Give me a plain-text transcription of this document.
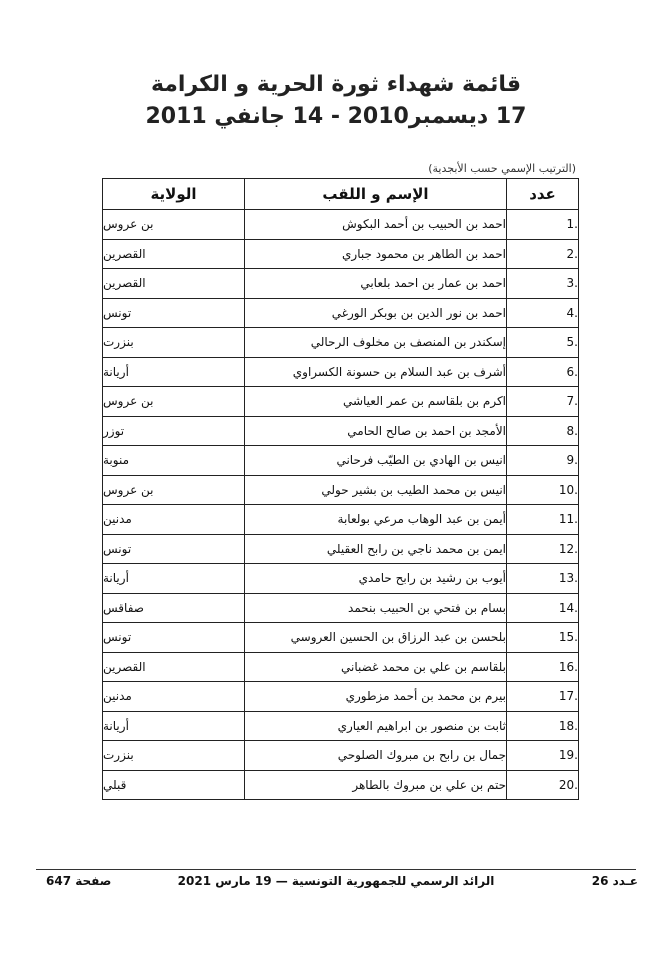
قائمة شهداء ثورة الحرية و الكرامة
17 ديسمبر2010 - 14 جانفي 2011
(الترتيب الإسمي حسب الأبجدية)
عدد	الإسم و اللقب	الولاية
1.	احمد بن الحبيب بن أحمد البكوش	بن عروس
2.	احمد بن الطاهر بن محمود جباري	القصرين
3.	احمد بن عمار بن احمد بلعابي	القصرين
4.	احمد بن نور الدين بن بوبكر الورغي	تونس
5.	إسكندر بن المنصف بن مخلوف الرحالي	بنزرت
6.	أشرف بن عبد السلام بن حسونة الكسراوي	أريانة
7.	اكرم بن بلقاسم بن عمر العياشي	بن عروس
8.	الأمجد بن احمد بن صالح الحامي	توزر
9.	انيس بن الهادي بن الطيّب فرحاني	منوبة
10.	انيس بن محمد الطيب بن بشير حولي	بن عروس
11.	أيمن بن عبد الوهاب مرعي بولعابة	مدنين
12.	ايمن بن محمد ناجي بن رابح العقيلي	تونس
13.	أيوب بن رشيد بن رابح حامدي	أريانة
14.	بسام بن فتحي بن الحبيب بنحمد	صفاقس
15.	بلحسن بن عبد الرزاق بن الحسين العروسي	تونس
16.	بلقاسم بن علي بن محمد غضباني	القصرين
17.	بيرم بن محمد بن أحمد مزطوري	مدنين
18.	ثابت بن منصور بن ابراهيم العياري	أريانة
19.	جمال بن رابح بن مبروك الصلوحي	بنزرت
20.	حتم بن علي بن مبروك بالطاهر	قبلي
عـدد 26
الرائد الرسمي للجمهورية التونسية — 19 مارس 2021
صفحة 647
